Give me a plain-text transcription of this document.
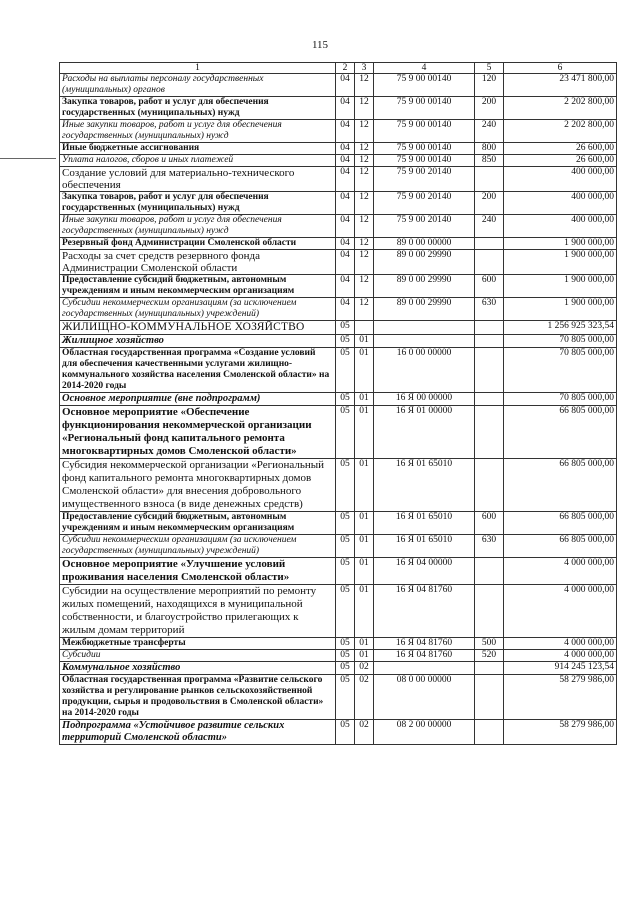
115
1	2	3	4	5	6
Расходы на выплаты персоналу государственных (муниципальных) органов	04	12	75 9 00 00140	120	23 471 800,00
Закупка товаров, работ и услуг для обеспечения государственных (муниципальных) нужд	04	12	75 9 00 00140	200	2 202 800,00
Иные закупки товаров, работ и услуг для обеспечения государственных (муниципальных) нужд	04	12	75 9 00 00140	240	2 202 800,00
Иные бюджетные ассигнования	04	12	75 9 00 00140	800	26 600,00
Уплата налогов, сборов и иных платежей	04	12	75 9 00 00140	850	26 600,00
Создание условий для материально-технического обеспечения	04	12	75 9 00 20140		400 000,00
Закупка товаров, работ и услуг для обеспечения государственных (муниципальных) нужд	04	12	75 9 00 20140	200	400 000,00
Иные закупки товаров, работ и услуг для обеспечения государственных (муниципальных) нужд	04	12	75 9 00 20140	240	400 000,00
Резервный фонд Администрации Смоленской области	04	12	89 0 00 00000		1 900 000,00
Расходы за счет средств резервного фонда Администрации Смоленской области	04	12	89 0 00 29990		1 900 000,00
Предоставление субсидий бюджетным, автономным учреждениям и иным некоммерческим организациям	04	12	89 0 00 29990	600	1 900 000,00
Субсидии некоммерческим организациям (за исключением государственных (муниципальных) учреждений)	04	12	89 0 00 29990	630	1 900 000,00
ЖИЛИЩНО-КОММУНАЛЬНОЕ ХОЗЯЙСТВО	05				1 256 925 323,54
Жилищное хозяйство	05	01			70 805 000,00
Областная государственная программа «Создание условий для обеспечения качественными услугами жилищно-коммунального хозяйства населения Смоленской области» на 2014-2020 годы	05	01	16 0 00 00000		70 805 000,00
Основное мероприятие (вне подпрограмм)	05	01	16 Я 00 00000		70 805 000,00
Основное мероприятие «Обеспечение функционирования некоммерческой организации «Региональный фонд капитального ремонта многоквартирных домов Смоленской области»	05	01	16 Я 01 00000		66 805 000,00
Субсидия некоммерческой организации «Региональный фонд капитального ремонта многоквартирных домов Смоленской области» для внесения добровольного имущественного взноса (в виде денежных средств)	05	01	16 Я 01 65010		66 805 000,00
Предоставление субсидий бюджетным, автономным учреждениям и иным некоммерческим организациям	05	01	16 Я 01 65010	600	66 805 000,00
Субсидии некоммерческим организациям (за исключением государственных (муниципальных) учреждений)	05	01	16 Я 01 65010	630	66 805 000,00
Основное мероприятие «Улучшение условий проживания населения Смоленской области»	05	01	16 Я 04 00000		4 000 000,00
Субсидии на осуществление мероприятий по ремонту жилых помещений, находящихся в муниципальной собственности, и благоустройство прилегающих к жилым домам территорий	05	01	16 Я 04 81760		4 000 000,00
Межбюджетные трансферты	05	01	16 Я 04 81760	500	4 000 000,00
Субсидии	05	01	16 Я 04 81760	520	4 000 000,00
Коммунальное хозяйство	05	02			914 245 123,54
Областная государственная программа «Развитие сельского хозяйства и регулирование рынков сельскохозяйственной продукции, сырья и продовольствия в Смоленской области» на 2014-2020 годы	05	02	08 0 00 00000		58 279 986,00
Подпрограмма «Устойчивое развитие сельских территорий Смоленской области»	05	02	08 2 00 00000		58 279 986,00
